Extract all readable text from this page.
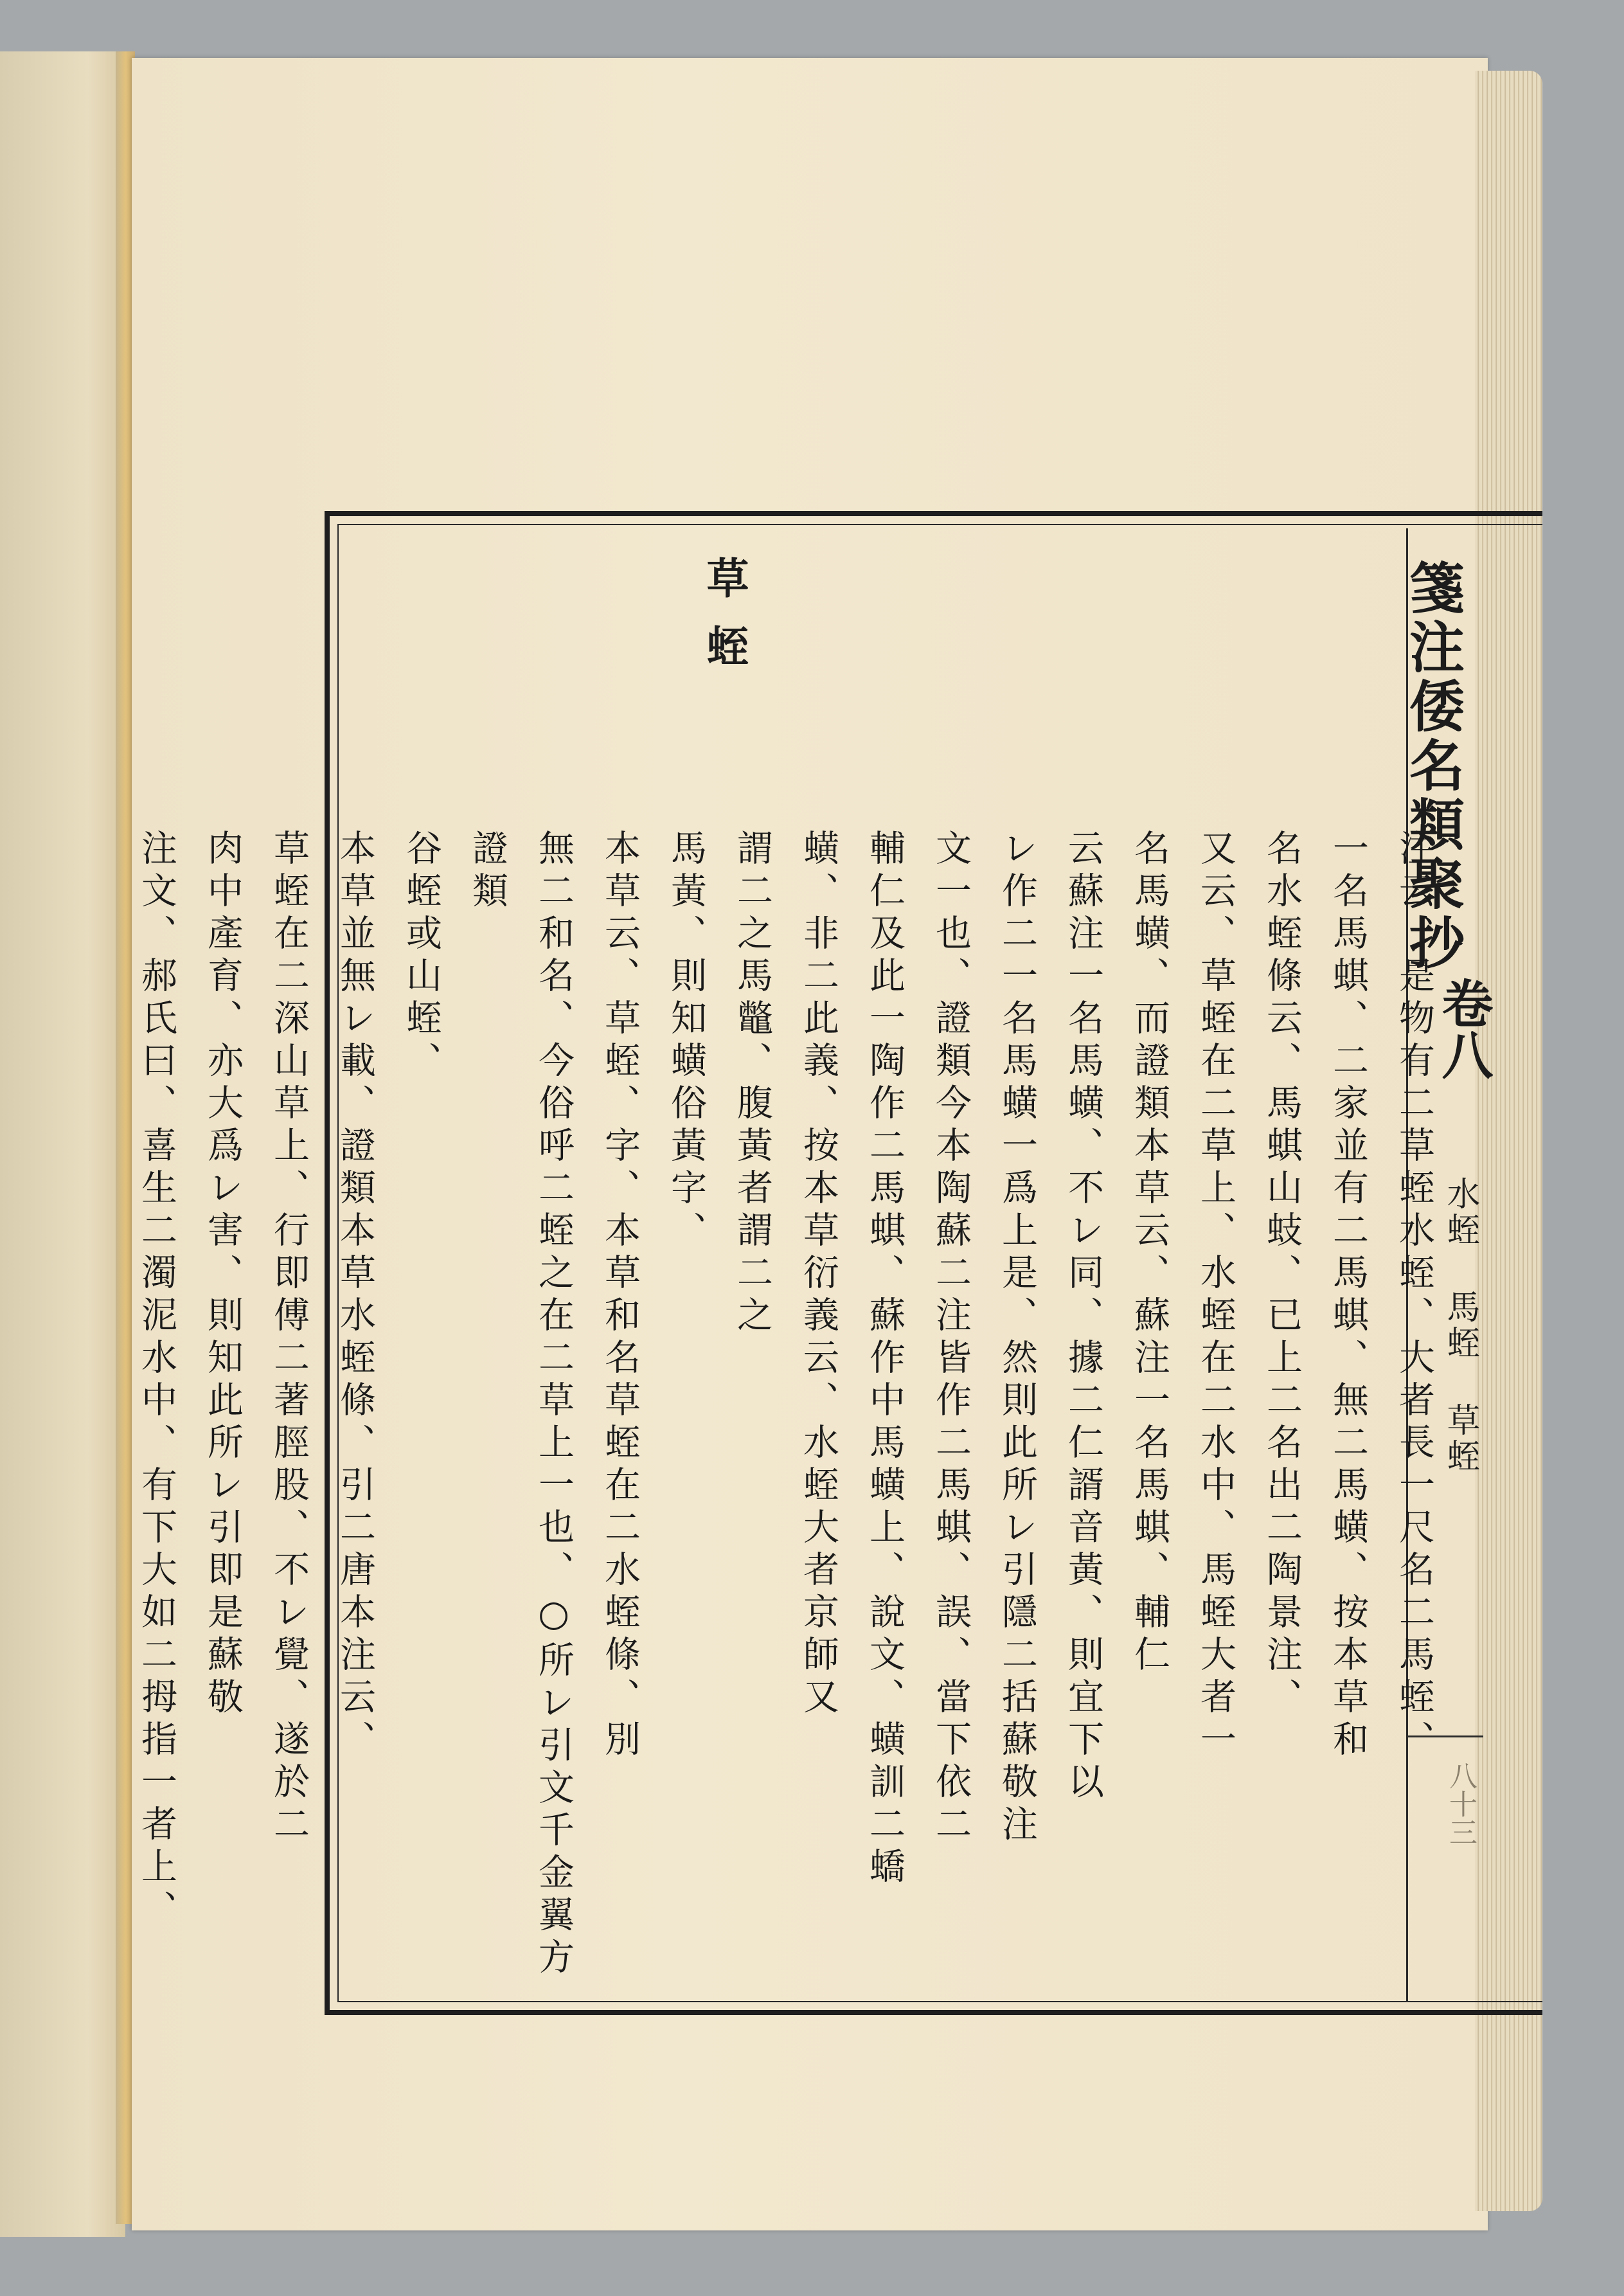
箋注倭名類聚抄
卷八
水蛭 馬蛭 草蛭
八十三
草蛭
注云、是物有二草蛭水蛭、大者長一尺名二馬蛭、
一名馬蜞、二家並有二馬蜞、無二馬蟥、按本草和
名水蛭條云、馬蜞山蚑、已上二名出二陶景注、
又云、草蛭在二草上、水蛭在二水中、馬蛭大者一
名馬蟥、而證類本草云、蘇注一名馬蜞、輔仁
云蘇注一名馬蟥、不レ同、據二仁諝音黃、則宜下以
レ作二一名馬蟥一爲上是、然則此所レ引隱二括蘇敬注
文一也、證類今本陶蘇二注皆作二馬蜞、誤、當下依二
輔仁及此一陶作二馬蜞、蘇作中馬蟥上、說文、蟥訓二蟜
蟥、非二此義、按本草衍義云、水蛭大者京師又
謂二之馬鼈、腹黃者謂二之
馬黃、則知蟥俗黃字、
本草云、草蛭、字、本草和名草蛭在二水蛭條、別
無二和名、今俗呼二蛭之在二草上一也、○所レ引文千金翼方證類
谷蛭或山蛭、
本草並無レ載、證類本草水蛭條、引二唐本注云、
草蛭在二深山草上、行即傅二著脛股、不レ覺、遂於二
肉中產育、亦大爲レ害、則知此所レ引即是蘇敬
注文、郝氏曰、喜生二濁泥水中、有下大如二拇指一者上、
